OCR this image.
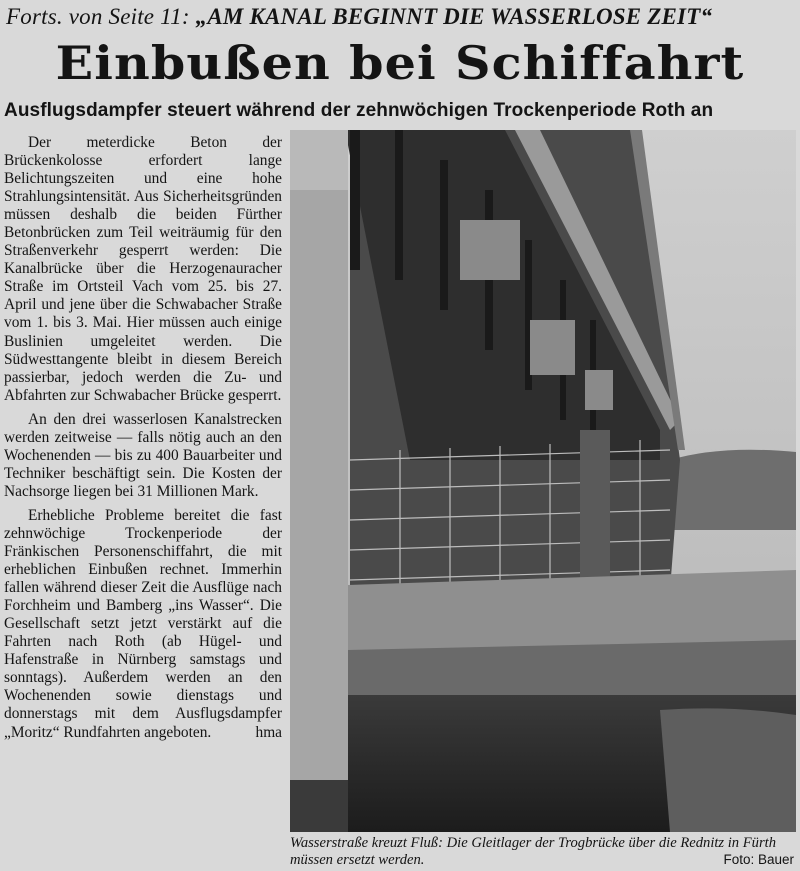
Forts. von Seite 11: „AM KANAL BEGINNT DIE WASSERLOSE ZEIT“
Einbußen bei Schiffahrt
Ausflugsdampfer steuert während der zehnwöchigen Trockenperiode Roth an

Der meterdicke Beton der Brückenkolosse erfordert lange Belichtungszeiten und eine hohe Strahlungsintensität. Aus Sicherheitsgründen müssen deshalb die beiden Fürther Betonbrücken zum Teil weiträumig für den Straßenverkehr gesperrt werden: Die Kanalbrücke über die Herzogenauracher Straße im Ortsteil Vach vom 25. bis 27. April und jene über die Schwabacher Straße vom 1. bis 3. Mai. Hier müssen auch einige Buslinien umgeleitet werden. Die Südwesttangente bleibt in diesem Bereich passierbar, jedoch werden die Zu- und Abfahrten zur Schwabacher Brücke gesperrt.

An den drei wasserlosen Kanalstrecken werden zeitweise — falls nötig auch an den Wochenenden — bis zu 400 Bauarbeiter und Techniker beschäftigt sein. Die Kosten der Nachsorge liegen bei 31 Millionen Mark.

Erhebliche Probleme bereitet die fast zehnwöchige Trockenperiode der Fränkischen Personenschiffahrt, die mit erheblichen Einbußen rechnet. Immerhin fallen während dieser Zeit die Ausflüge nach Forchheim und Bamberg „ins Wasser“. Die Gesellschaft setzt jetzt verstärkt auf die Fahrten nach Roth (ab Hügel- und Hafenstraße in Nürnberg samstags und sonntags). Außerdem werden an den Wochenenden sowie dienstags und donnerstags mit dem Ausflugsdampfer „Moritz“ Rundfahrten angeboten.	hma

Wasserstraße kreuzt Fluß: Die Gleitlager der Trogbrücke über die Rednitz in Fürth müssen ersetzt werden.	Foto: Bauer
